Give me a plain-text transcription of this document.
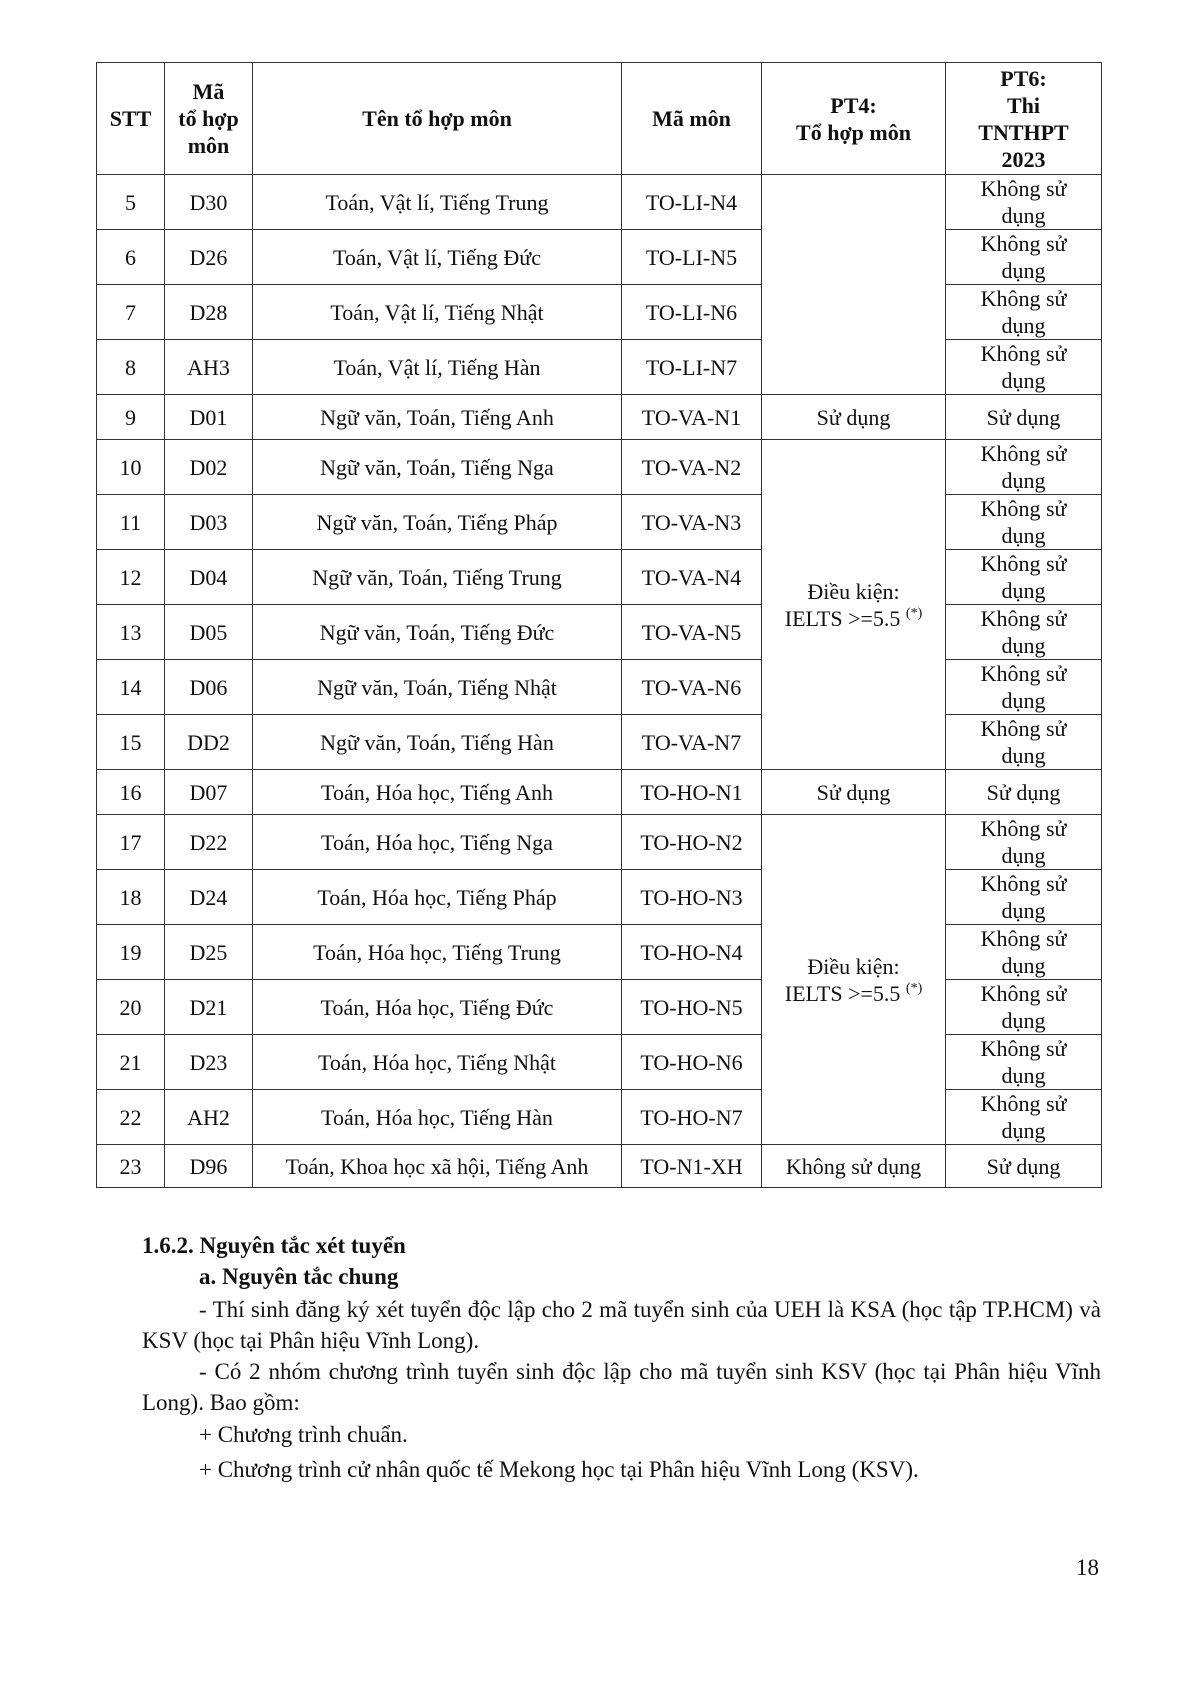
STT	Mã
tổ hợp
môn	Tên tổ hợp môn	Mã môn	PT4:
Tổ hợp môn	PT6:
Thi
TNTHPT
2023

5	D30	Toán, Vật lí, Tiếng Trung	TO-LI-N4		Không sử
dụng

6	D26	Toán, Vật lí, Tiếng Đức	TO-LI-N5		Không sử
dụng

7	D28	Toán, Vật lí, Tiếng Nhật	TO-LI-N6		Không sử
dụng

8	AH3	Toán, Vật lí, Tiếng Hàn	TO-LI-N7		Không sử
dụng

9	D01	Ngữ văn, Toán, Tiếng Anh	TO-VA-N1	Sử dụng	Sử dụng
10	D02	Ngữ văn, Toán, Tiếng Nga	TO-VA-N2	Điều kiện:
IELTS >=5.5 (*)	Không sử
dụng

11	D03	Ngữ văn, Toán, Tiếng Pháp	TO-VA-N3		Không sử
dụng

12	D04	Ngữ văn, Toán, Tiếng Trung	TO-VA-N4		Không sử
dụng

13	D05	Ngữ văn, Toán, Tiếng Đức	TO-VA-N5		Không sử
dụng

14	D06	Ngữ văn, Toán, Tiếng Nhật	TO-VA-N6		Không sử
dụng

15	DD2	Ngữ văn, Toán, Tiếng Hàn	TO-VA-N7		Không sử
dụng

16	D07	Toán, Hóa học, Tiếng Anh	TO-HO-N1	Sử dụng	Sử dụng
17	D22	Toán, Hóa học, Tiếng Nga	TO-HO-N2	Điều kiện:
IELTS >=5.5 (*)	Không sử
dụng

18	D24	Toán, Hóa học, Tiếng Pháp	TO-HO-N3		Không sử
dụng

19	D25	Toán, Hóa học, Tiếng Trung	TO-HO-N4		Không sử
dụng

20	D21	Toán, Hóa học, Tiếng Đức	TO-HO-N5		Không sử
dụng

21	D23	Toán, Hóa học, Tiếng Nhật	TO-HO-N6		Không sử
dụng

22	AH2	Toán, Hóa học, Tiếng Hàn	TO-HO-N7		Không sử
dụng

23	D96	Toán, Khoa học xã hội, Tiếng Anh	TO-N1-XH	Không sử dụng	Sử dụng
1.6.2. Nguyên tắc xét tuyển
a. Nguyên tắc chung
- Thí sinh đăng ký xét tuyển độc lập cho 2 mã tuyển sinh của UEH là KSA (học tập TP.HCM) và KSV (học tại Phân hiệu Vĩnh Long).
- Có 2 nhóm chương trình tuyển sinh độc lập cho mã tuyển sinh KSV (học tại Phân hiệu Vĩnh Long). Bao gồm:
+ Chương trình chuẩn.
+ Chương trình cử nhân quốc tế Mekong học tại Phân hiệu Vĩnh Long (KSV).
18
